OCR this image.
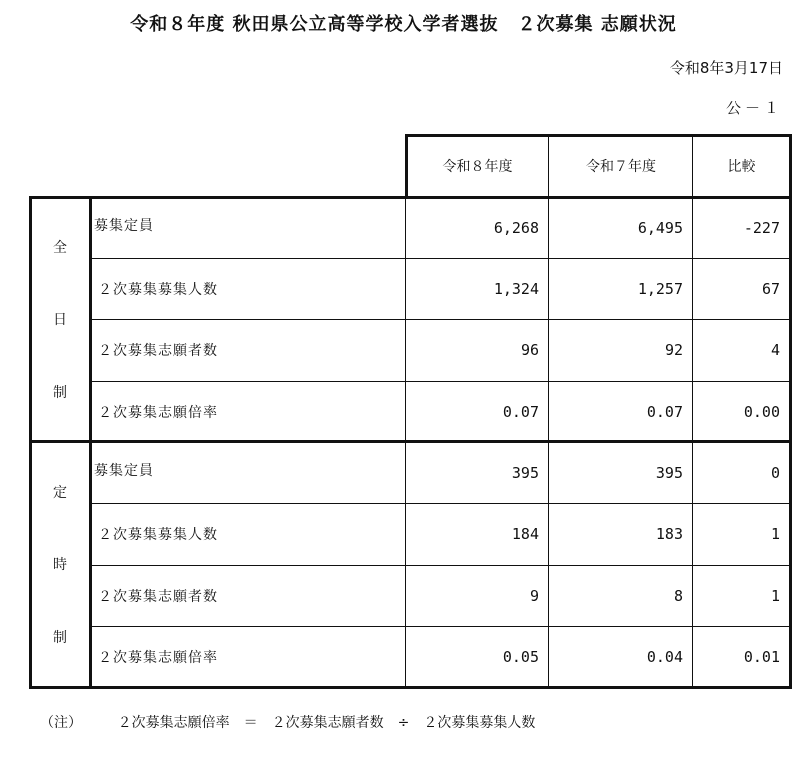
令和８年度 秋田県公立高等学校入学者選抜　２次募集 志願状況
令和8年3月17日
公－１
令和８年度	令和７年度	比較
全
日
制
定
時
制
募集定員	6,268	6,495	-227
２次募集募集人数	1,324	1,257	67
２次募集志願者数	96	92	4
２次募集志願倍率	0.07	0.07	0.00
募集定員	395	395	0
２次募集募集人数	184	183	1
２次募集志願者数	9	8	1
２次募集志願倍率	0.05	0.04	0.01
（注）	２次募集志願倍率　＝　２次募集志願者数　÷　２次募集募集人数
